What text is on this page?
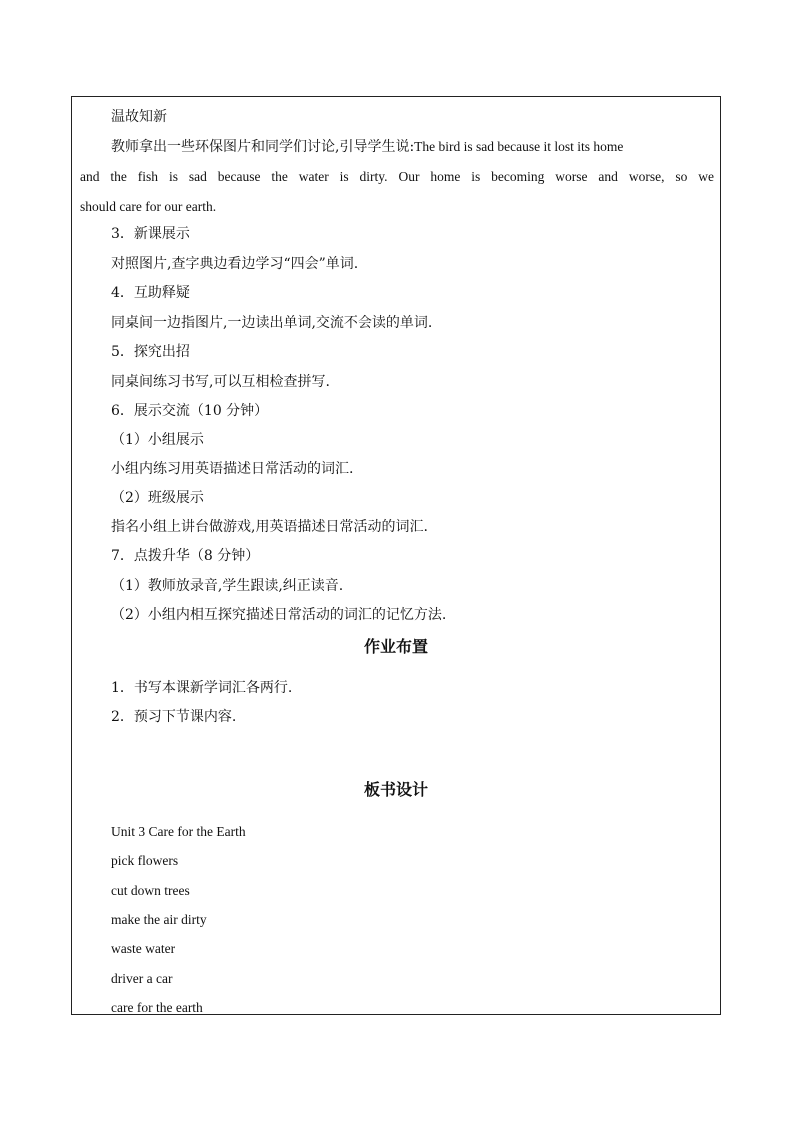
温故知新
教师拿出一些环保图片和同学们讨论,引导学生说:The bird is sad because it lost its home
and the fish is sad because the water is dirty. Our home is becoming worse and worse, so we
should care for our earth.
3．新课展示
对照图片,查字典边看边学习“四会”单词.
4．互助释疑
同桌间一边指图片,一边读出单词,交流不会读的单词.
5．探究出招
同桌间练习书写,可以互相检查拼写.
6．展示交流（10 分钟）
（1）小组展示
小组内练习用英语描述日常活动的词汇.
（2）班级展示
指名小组上讲台做游戏,用英语描述日常活动的词汇.
7．点拨升华（8 分钟）
（1）教师放录音,学生跟读,纠正读音.
（2）小组内相互探究描述日常活动的词汇的记忆方法.
作业布置
1．书写本课新学词汇各两行.
2．预习下节课内容.
板书设计
Unit 3 Care for the Earth
pick flowers
cut down trees
make the air dirty
waste water
driver a car
care for the earth
